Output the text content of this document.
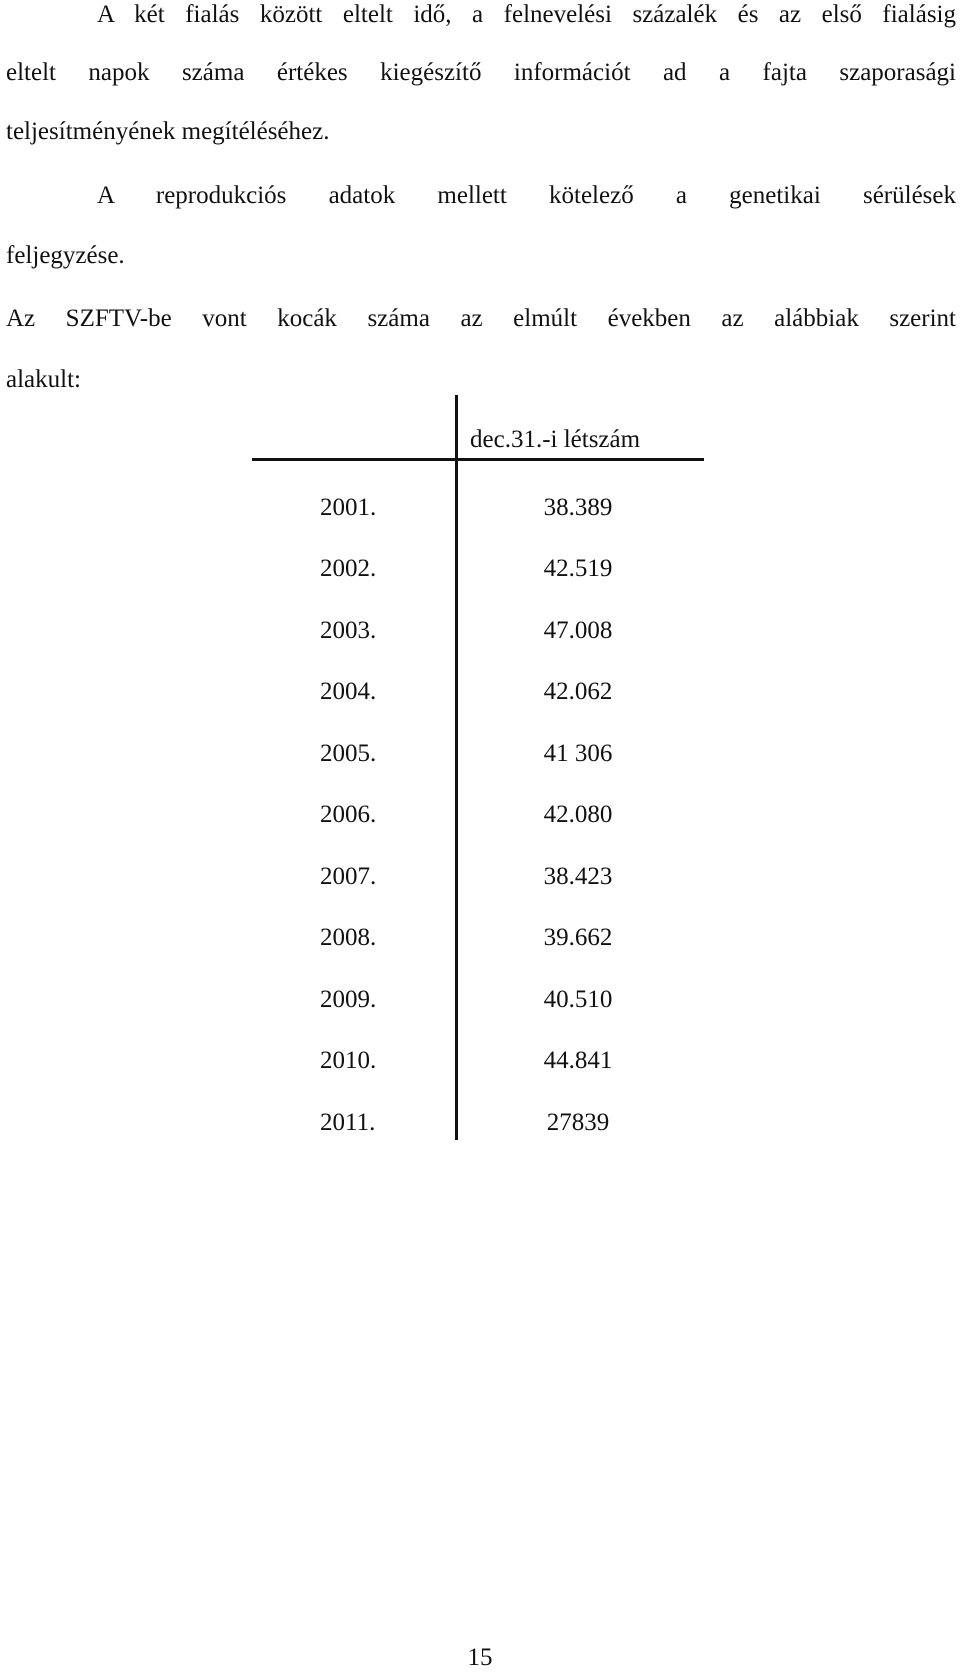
A két fialás között eltelt idő, a felnevelési százalék és az első fialásig
eltelt napok száma értékes kiegészítő információt ad a fajta szaporasági
teljesítményének megítéléséhez.
A reprodukciós adatok mellett kötelező a genetikai sérülések
feljegyzése.
Az SZFTV-be vont kocák száma az elmúlt években az alábbiak szerint
alakult:
dec.31.-i létszám
2001.	38.389
2002.	42.519
2003.	47.008
2004.	42.062
2005.	41 306
2006.	42.080
2007.	38.423
2008.	39.662
2009.	40.510
2010.	44.841
2011.	27839
15
